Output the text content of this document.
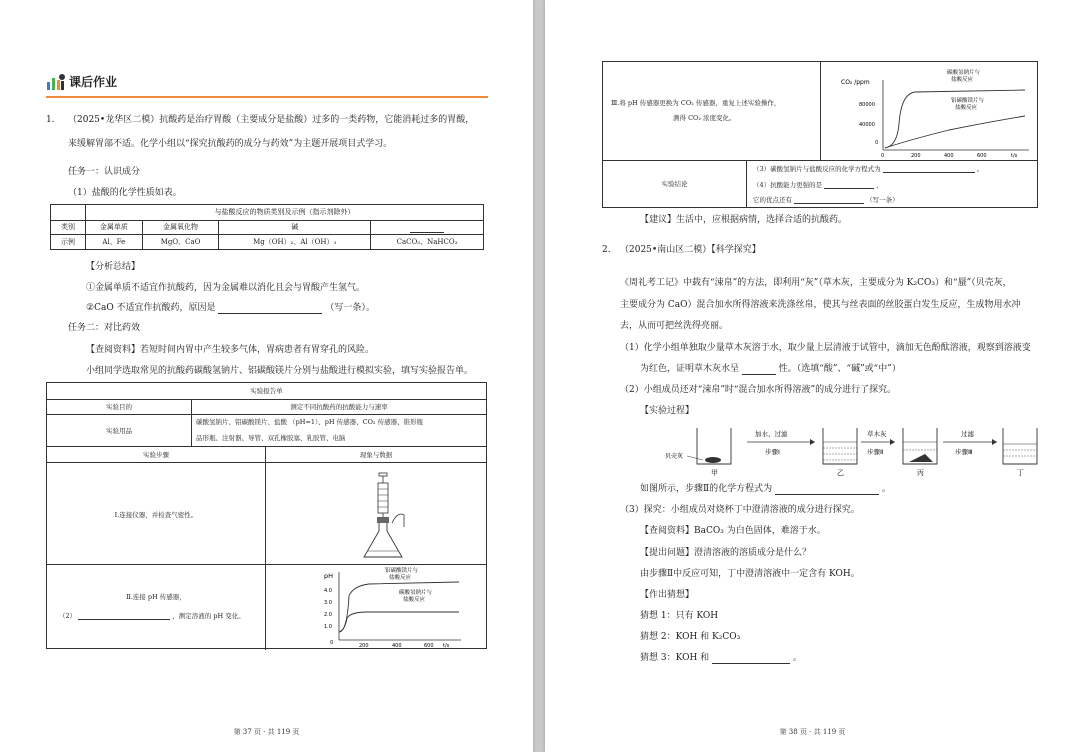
课后作业
1. （2025•龙华区二模）抗酸药是治疗胃酸（主要成分是盐酸）过多的一类药物，它能消耗过多的胃酸，
来缓解胃部不适。化学小组以“探究抗酸药的成分与药效”为主题开展项目式学习。
任务一：认识成分
（1）盐酸的化学性质如表。
	与盐酸反应的物质类别及示例（指示剂除外）			
类别	金属单质	金属氧化物	碱	
示例	Al、Fe	MgO、CaO	Mg（OH）₂、Al（OH）₃	CaCO₃、NaHCO₃
【分析总结】
①金属单质不适宜作抗酸药，因为金属难以消化且会与胃酸产生氢气。
②CaO 不适宜作抗酸药，原因是	（写一条）。
任务二：对比药效
【查阅资料】若短时间内胃中产生较多气体，胃病患者有胃穿孔的风险。
小组同学选取常见的抗酸药碳酸氢钠片、铝碳酸镁片分别与盐酸进行模拟实验，填写实验报告单。
实验报告单
实验目的	测定不同抗酸药的抗酸能力与速率
实验用品
碳酸氢钠片、铝碳酸镁片、盐酸 （pH=1）、pH 传感器、CO₂ 传感器、锥形瓶
品形瓶、注射器、导管、双孔橡胶塞、乳胶管、电脑
实验步骤	现象与数据
Ⅰ.连接仪器，并检查气密性。
Ⅱ.连接 pH 传感器，
（2）	，测定溶液的 pH 变化。
pH
4.0
3.0
2.0
1.0
0	200	400	600 t/s
铝碳酸镁片与
盐酸反应
碳酸氢钠片与
盐酸反应
第 37 页 · 共 119 页
Ⅲ.将 pH 传感器更换为 CO₂ 传感器，重复上述实验操作，
测得 CO₂ 浓度变化。
CO₂ /ppm
80000
40000
0
0	200	400	600	t/s
碳酸氢钠片与
盐酸反应
铝碳酸镁片与
盐酸反应
实验结论
（3）碳酸氢钠片与盐酸反应的化学方程式为	。
（4）抗酸能力更强的是	，
它的优点还有	（写一条）
【建议】生活中，应根据病情，选择合适的抗酸药。
2. （2025•南山区二模）【科学探究】
《周礼考工记》中载有“涑帛”的方法，即利用“灰”（草木灰，主要成分为 K₂CO₃）和“蜃”（贝壳灰，
主要成分为 CaO）混合加水所得溶液来洗涤丝帛，使其与丝表面的丝胶蛋白发生反应，生成物用水冲
去，从而可把丝洗得亮丽。
（1）化学小组单独取少量草木灰溶于水，取少量上层清液于试管中，滴加无色酚酞溶液，观察到溶液变
为红色，证明草木灰水呈	性。（选填“酸”、“碱”或“中”）
（2）小组成员还对“涑帛”时“混合加水所得溶液”的成分进行了探究。
【实验过程】
贝壳灰
甲
加水、过滤
步骤Ⅰ
乙
草木灰
步骤Ⅱ
丙
过滤
步骤Ⅲ
丁
如图所示，步骤Ⅱ的化学方程式为	。
（3）探究：小组成员对烧杯丁中澄清溶液的成分进行探究。
【查阅资料】BaCO₃ 为白色固体，难溶于水。
【提出问题】澄清溶液的溶质成分是什么？
由步骤Ⅱ中反应可知，丁中澄清溶液中一定含有 KOH。
【作出猜想】
猜想 1：只有 KOH
猜想 2：KOH 和 K₂CO₃
猜想 3：KOH 和	。
第 38 页 · 共 119 页
